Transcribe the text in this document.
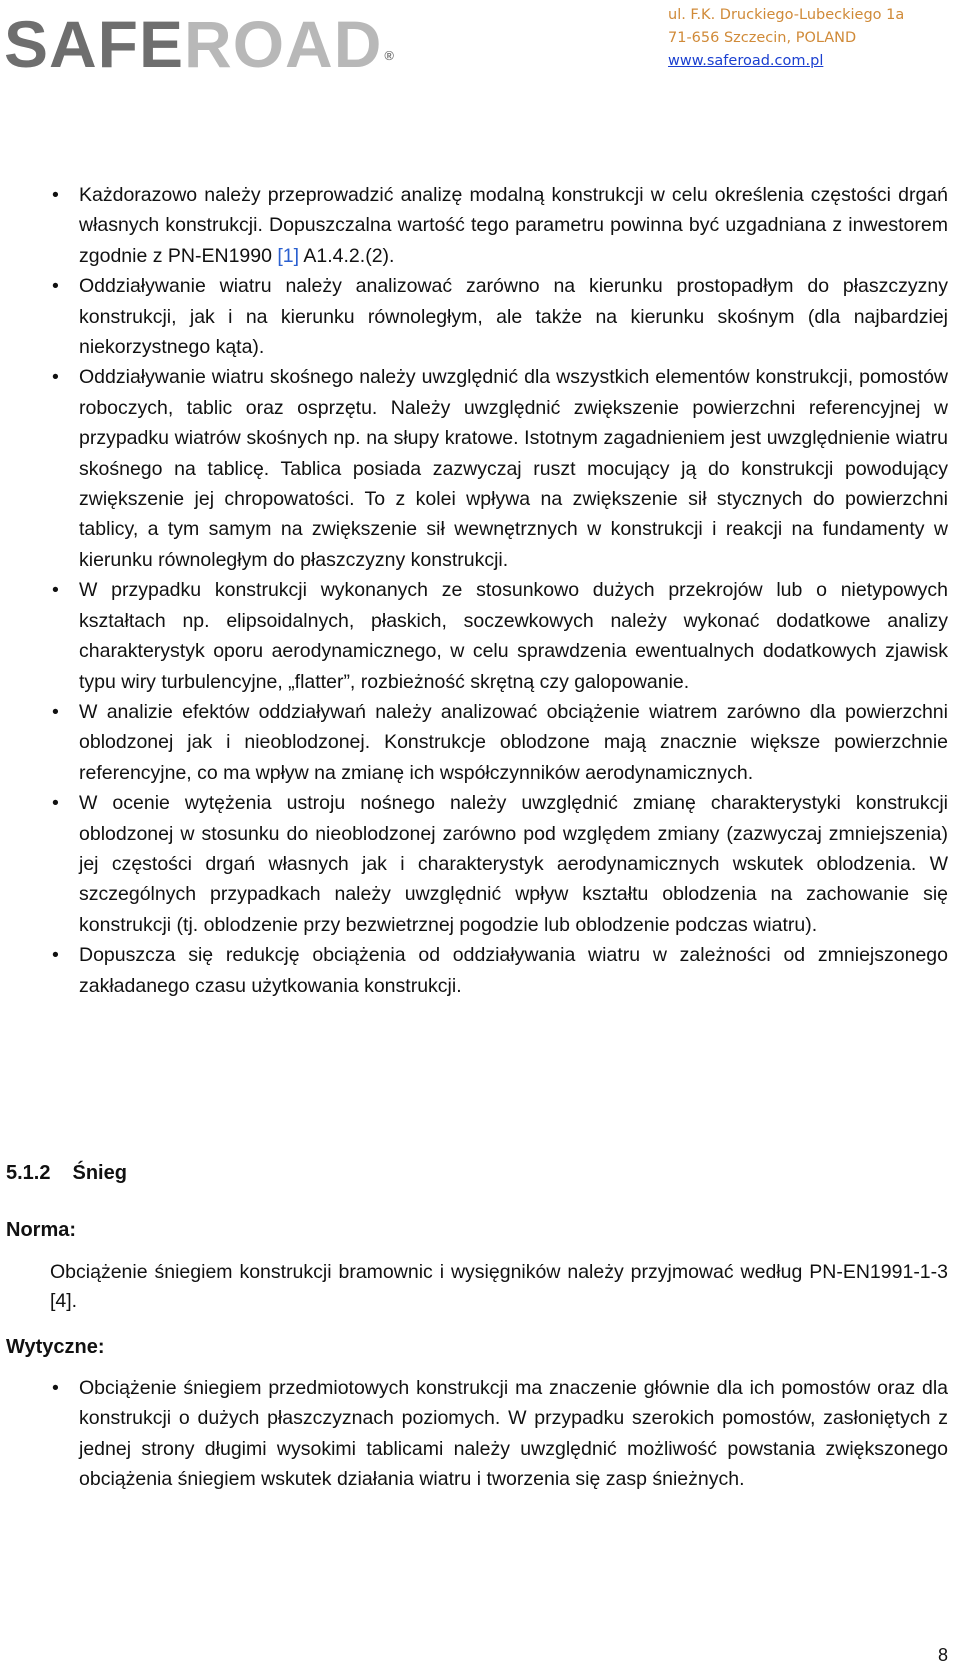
SAFEROAD ®
ul. F.K. Druckiego-Lubeckiego 1a
71-656 Szczecin, POLAND
www.saferoad.com.pl
• Każdorazowo należy przeprowadzić analizę modalną konstrukcji w celu określenia częstości drgań własnych konstrukcji. Dopuszczalna wartość tego parametru powinna być uzgadniana z inwestorem zgodnie z PN-EN1990 [1] A1.4.2.(2).
• Oddziaływanie wiatru należy analizować zarówno na kierunku prostopadłym do płaszczyzny konstrukcji, jak i na kierunku równoległym, ale także na kierunku skośnym (dla najbardziej niekorzystnego kąta).
• Oddziaływanie wiatru skośnego należy uwzględnić dla wszystkich elementów konstrukcji, pomostów roboczych, tablic oraz osprzętu. Należy uwzględnić zwiększenie powierzchni referencyjnej w przypadku wiatrów skośnych np. na słupy kratowe. Istotnym zagadnieniem jest uwzględnienie wiatru skośnego na tablicę. Tablica posiada zazwyczaj ruszt mocujący ją do konstrukcji powodujący zwiększenie jej chropowatości. To z kolei wpływa na zwiększenie sił stycznych do powierzchni tablicy, a tym samym na zwiększenie sił wewnętrznych w konstrukcji i reakcji na fundamenty w kierunku równoległym do płaszczyzny konstrukcji.
• W przypadku konstrukcji wykonanych ze stosunkowo dużych przekrojów lub o nietypowych kształtach np. elipsoidalnych, płaskich, soczewkowych należy wykonać dodatkowe analizy charakterystyk oporu aerodynamicznego, w celu sprawdzenia ewentualnych dodatkowych zjawisk typu wiry turbulencyjne, „flatter”, rozbieżność skrętną czy galopowanie.
• W analizie efektów oddziaływań należy analizować obciążenie wiatrem zarówno dla powierzchni oblodzonej jak i nieoblodzonej. Konstrukcje oblodzone mają znacznie większe powierzchnie referencyjne, co ma wpływ na zmianę ich współczynników aerodynamicznych.
• W ocenie wytężenia ustroju nośnego należy uwzględnić zmianę charakterystyki konstrukcji oblodzonej w stosunku do nieoblodzonej zarówno pod względem zmiany (zazwyczaj zmniejszenia) jej częstości drgań własnych jak i charakterystyk aerodynamicznych wskutek oblodzenia. W szczególnych przypadkach należy uwzględnić wpływ kształtu oblodzenia na zachowanie się konstrukcji (tj. oblodzenie przy bezwietrznej pogodzie lub oblodzenie podczas wiatru).
• Dopuszcza się redukcję obciążenia od oddziaływania wiatru w zależności od zmniejszonego zakładanego czasu użytkowania konstrukcji.
5.1.2 Śnieg
Norma:
Obciążenie śniegiem konstrukcji bramownic i wysięgników należy przyjmować według PN-EN1991-1-3 [4].
Wytyczne:
• Obciążenie śniegiem przedmiotowych konstrukcji ma znaczenie głównie dla ich pomostów oraz dla konstrukcji o dużych płaszczyznach poziomych. W przypadku szerokich pomostów, zasłoniętych z jednej strony długimi wysokimi tablicami należy uwzględnić możliwość powstania zwiększonego obciążenia śniegiem wskutek działania wiatru i tworzenia się zasp śnieżnych.
8
